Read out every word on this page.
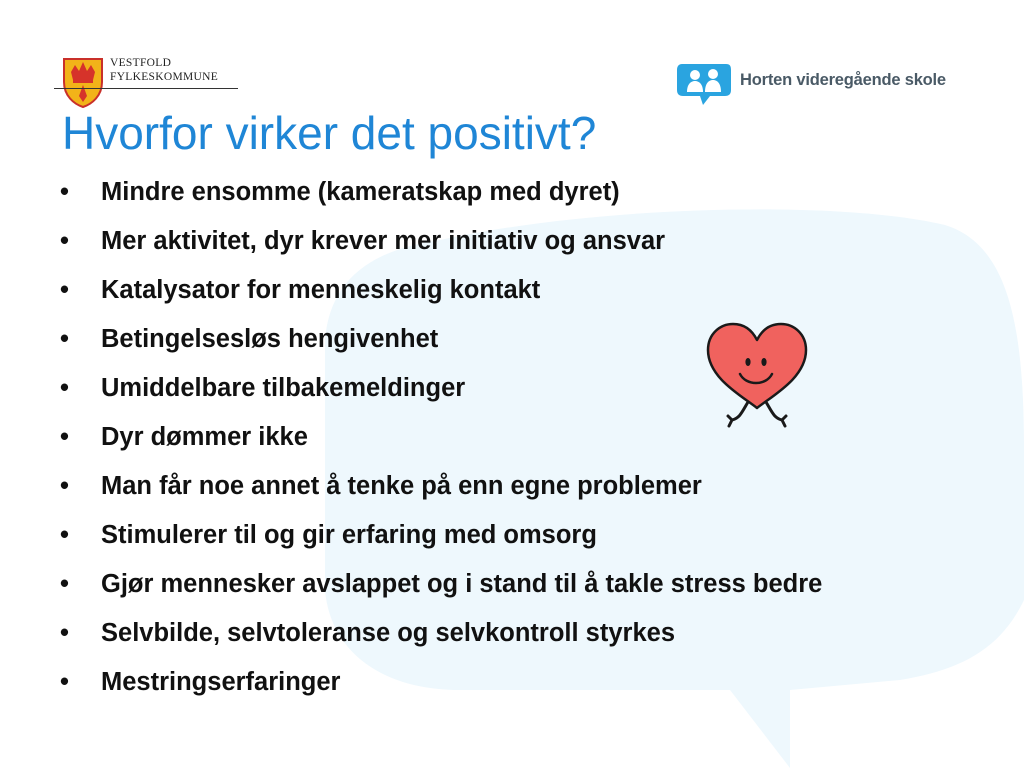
VESTFOLD
FYLKESKOMMUNE	Horten videregående skole
Hvorfor virker det positivt?
•	Mindre ensomme (kameratskap med dyret)
•	Mer aktivitet, dyr krever mer initiativ og ansvar
•	Katalysator for menneskelig kontakt
•	Betingelsesløs hengivenhet
•	Umiddelbare tilbakemeldinger
•	Dyr dømmer ikke
•	Man får noe annet å tenke på enn egne problemer
•	Stimulerer til og gir erfaring med omsorg
•	Gjør mennesker avslappet og i stand til å takle stress bedre
•	Selvbilde, selvtoleranse og selvkontroll styrkes
•	Mestringserfaringer
